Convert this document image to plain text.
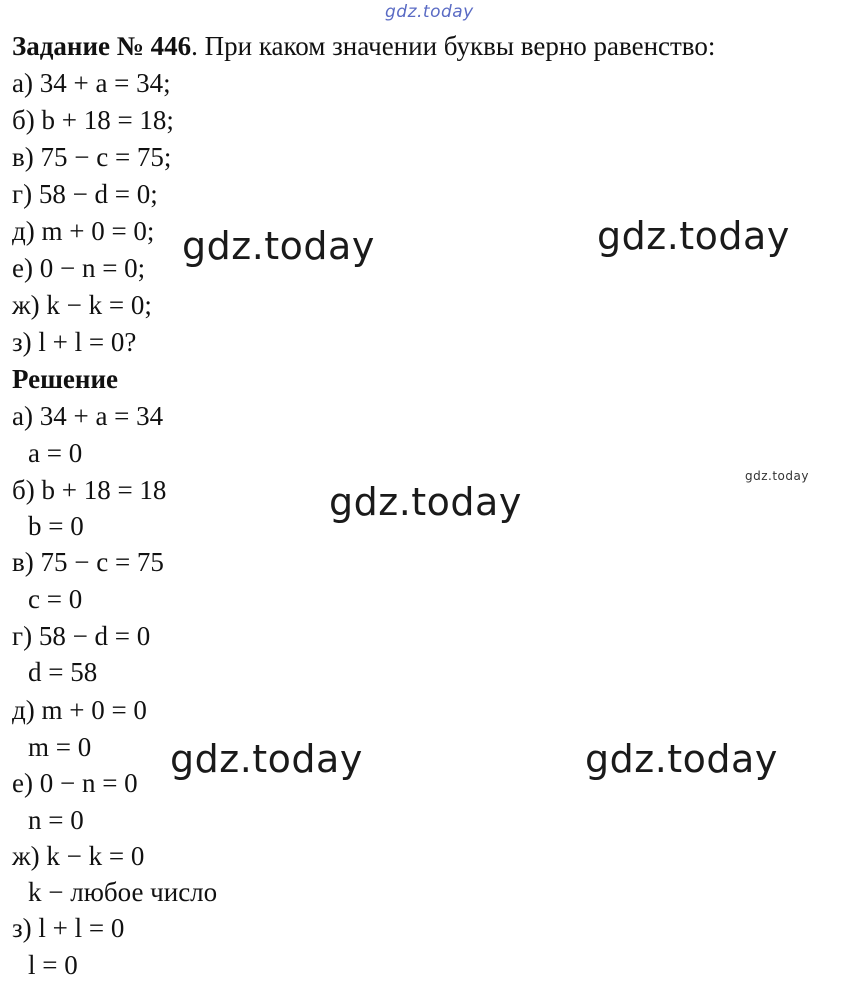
gdz.today
gdz.today	gdz.today
gdz.today
gdz.today
gdz.today	gdz.today
Задание № 446. При каком значении буквы верно равенство:
а) 34 + a = 34;
б) b + 18 = 18;
в) 75 − c = 75;
г) 58 − d = 0;
д) m + 0 = 0;
е) 0 − n = 0;
ж) k − k = 0;
з) l + l = 0?
Решение
а) 34 + a = 34
a = 0
б) b + 18 = 18
b = 0
в) 75 − c = 75
c = 0
г) 58 − d = 0
d = 58
д) m + 0 = 0
m = 0
е) 0 − n = 0
n = 0
ж) k − k = 0
k − любое число
з) l + l = 0
l = 0
